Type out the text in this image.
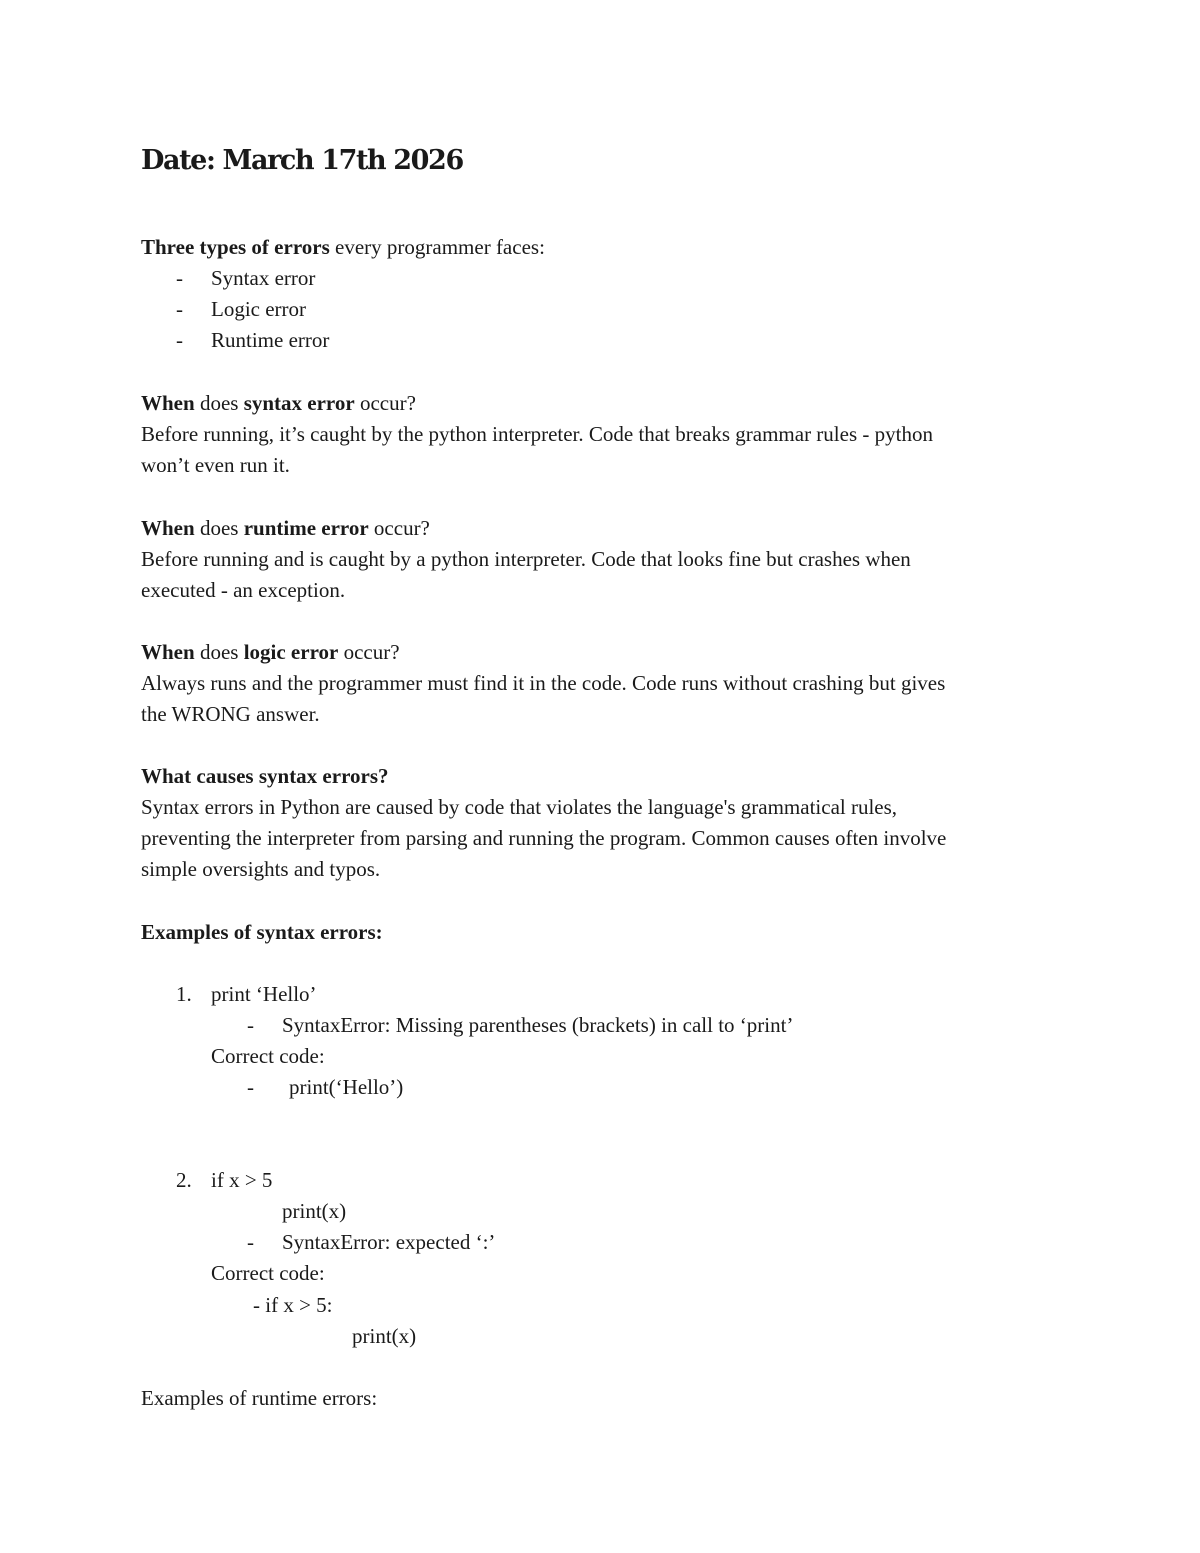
Date: March 17th 2026
Three types of errors every programmer faces:
- Syntax error
- Logic error
- Runtime error
When does syntax error occur?
Before running, it’s caught by the python interpreter. Code that breaks grammar rules - python
won’t even run it.
When does runtime error occur?
Before running and is caught by a python interpreter. Code that looks fine but crashes when
executed - an exception.
When does logic error occur?
Always runs and the programmer must find it in the code. Code runs without crashing but gives
the WRONG answer.
What causes syntax errors?
Syntax errors in Python are caused by code that violates the language's grammatical rules,
preventing the interpreter from parsing and running the program. Common causes often involve
simple oversights and typos.
Examples of syntax errors:
1. print ‘Hello’
- SyntaxError: Missing parentheses (brackets) in call to ‘print’
Correct code:
- print(‘Hello’)
2. if x > 5
print(x)
- SyntaxError: expected ‘:’
Correct code:
- if x > 5:
print(x)
Examples of runtime errors:
